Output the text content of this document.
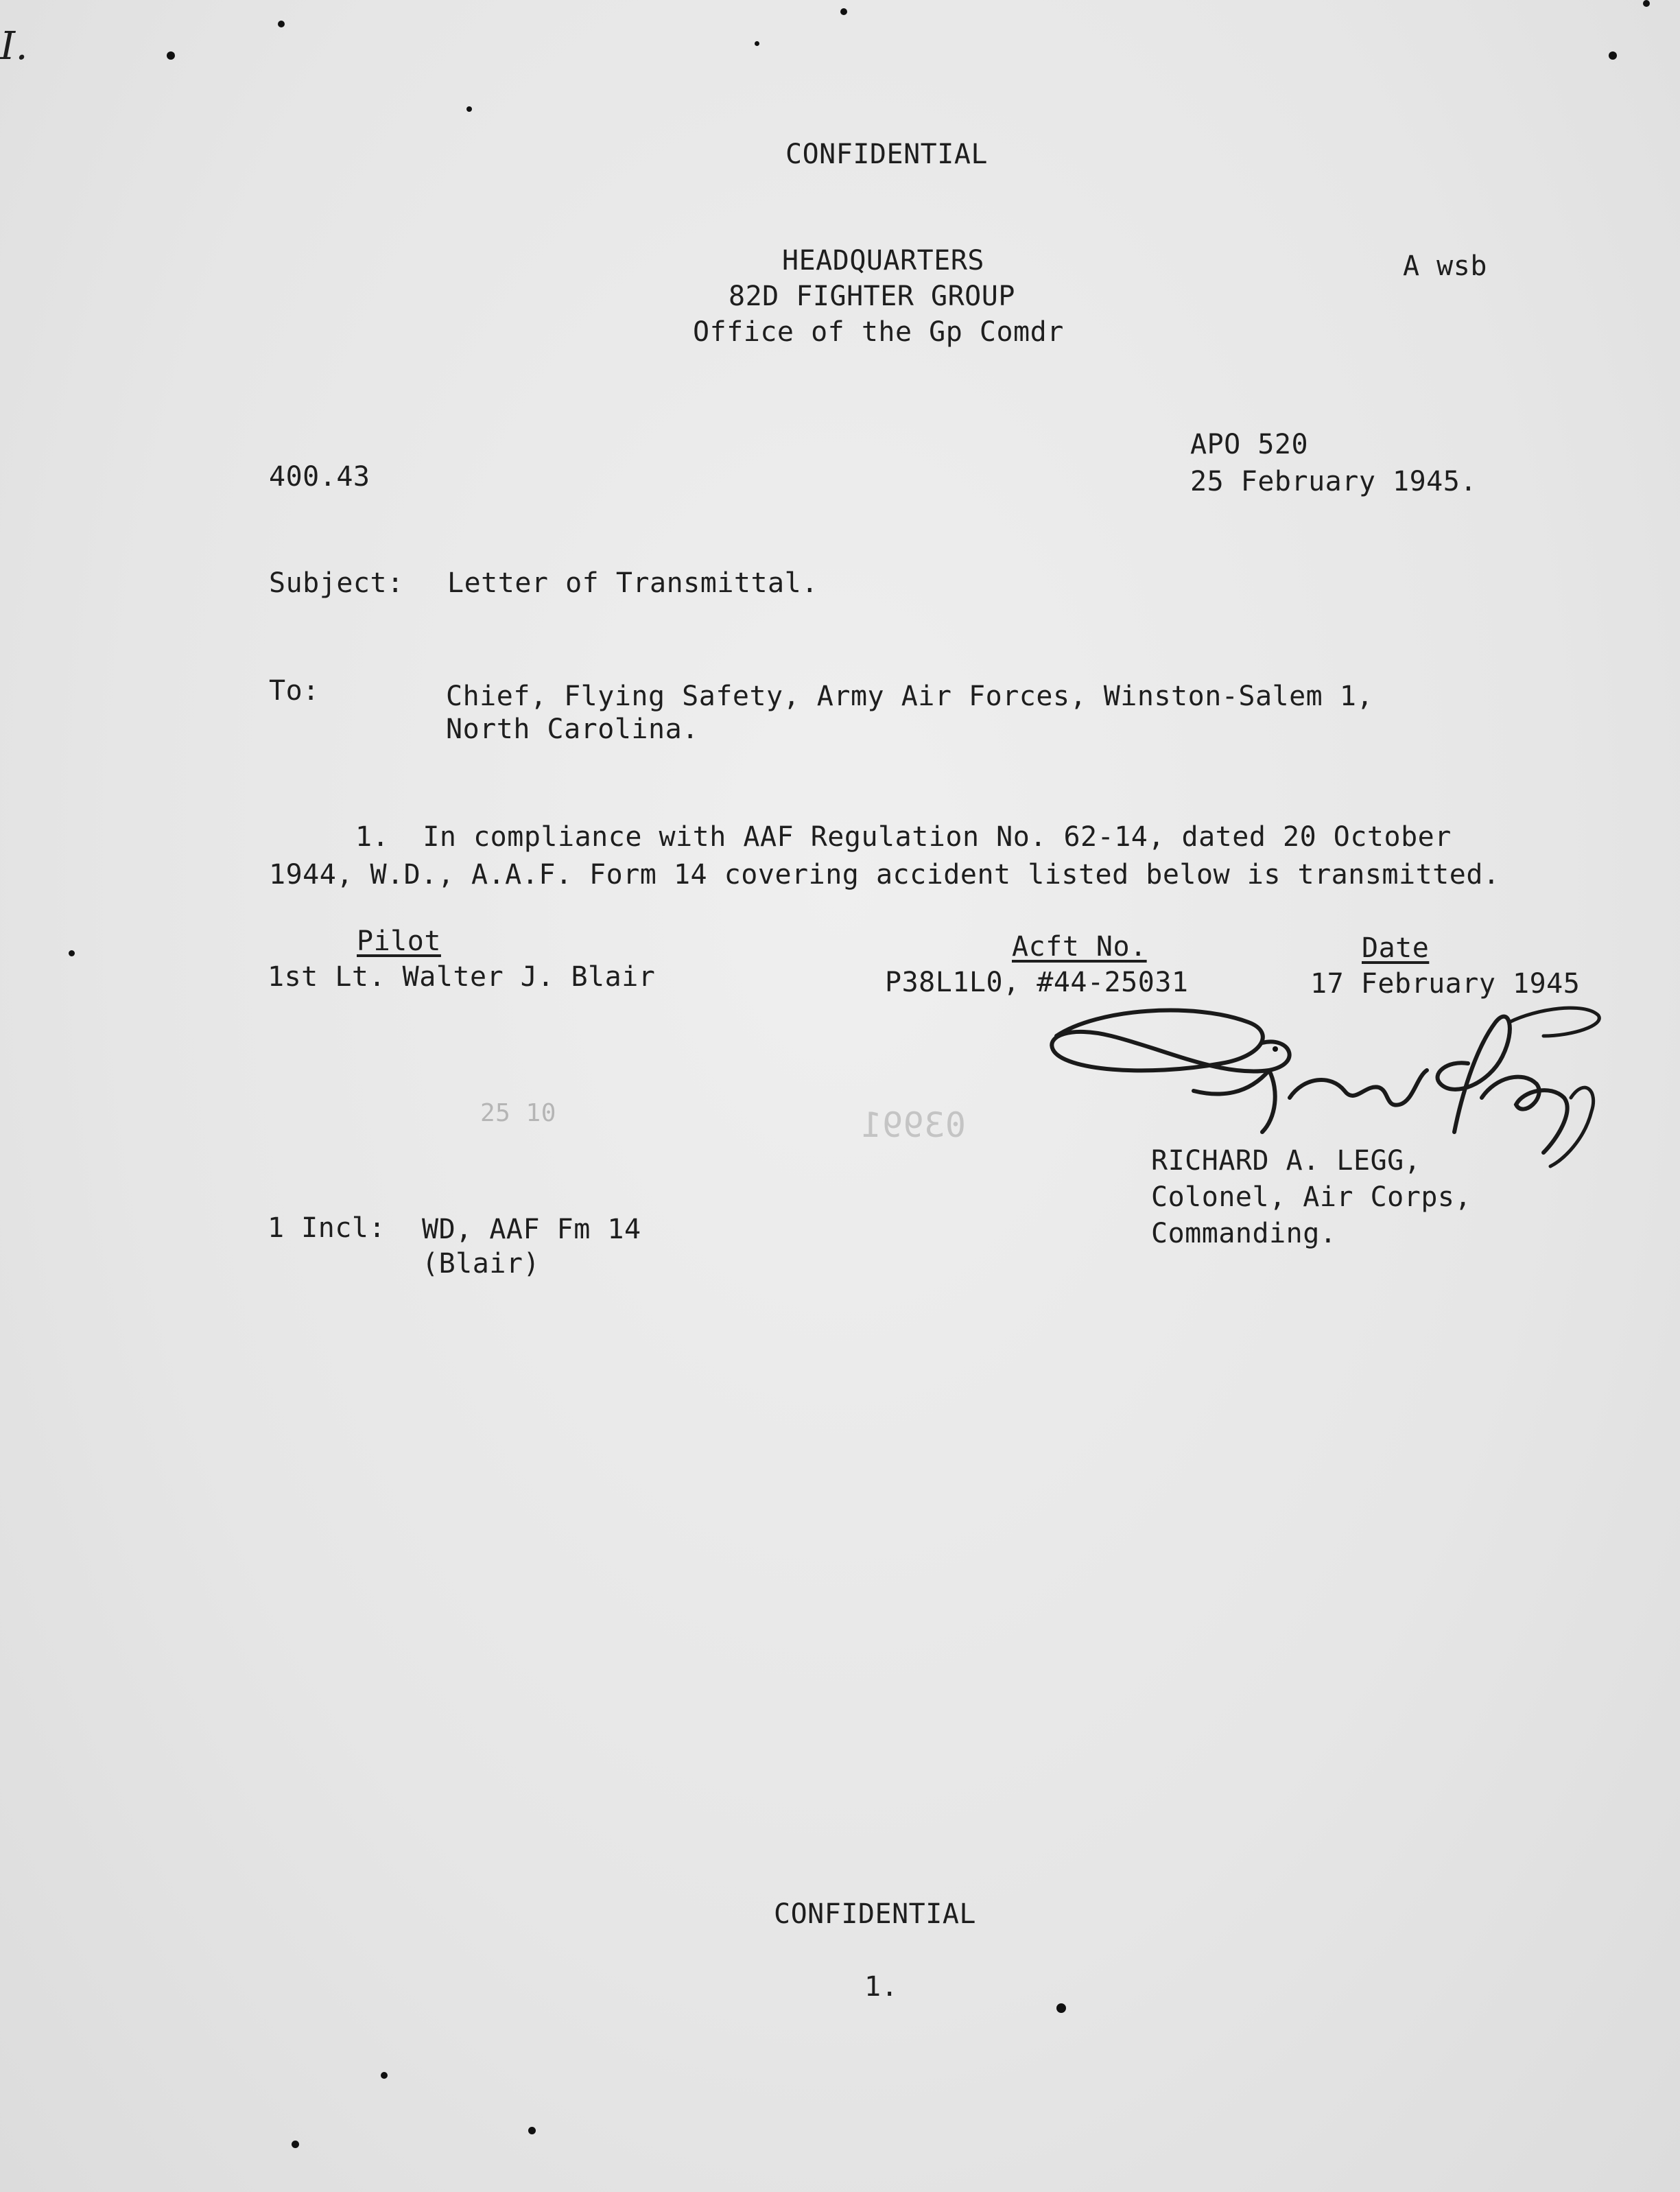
I.
CONFIDENTIAL
HEADQUARTERS
82D FIGHTER GROUP
Office of the Gp Comdr
A wsb
400.43
APO 520
25 February 1945.
Subject: Letter of Transmittal.
To:	Chief, Flying Safety, Army Air Forces, Winston-Salem 1,
North Carolina.
1.  In compliance with AAF Regulation No. 62-14, dated 20 October
1944, W.D., A.A.F. Form 14 covering accident listed below is transmitted.
Pilot	Acft No.	Date
1st Lt. Walter J. Blair	P38L1L0, #44-25031	17 February 1945
25 10	03991
RICHARD A. LEGG,
Colonel, Air Corps,
Commanding.
1 Incl: WD, AAF Fm 14
(Blair)
CONFIDENTIAL
1.
